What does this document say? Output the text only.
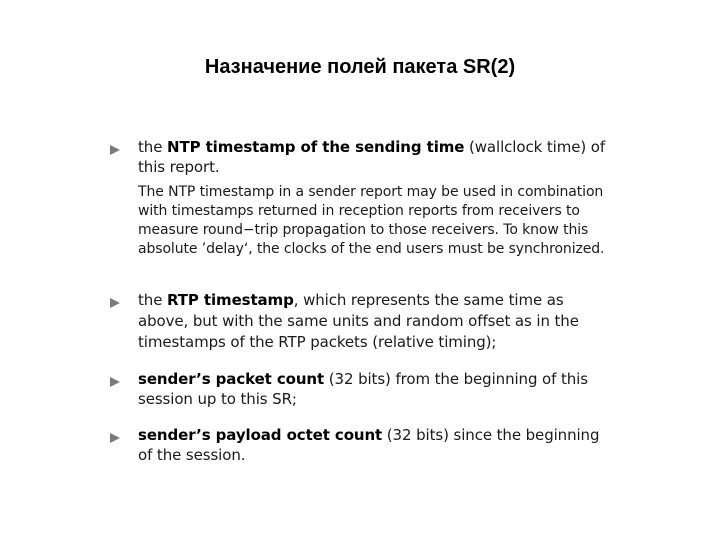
Назначение полей пакета SR(2)
the NTP timestamp of the sending time (wallclock time) of this report.
The NTP timestamp in a sender report may be used in combination with timestamps returned in reception reports from receivers to measure round−trip propagation to those receivers. To know this absolute ’delay‘, the clocks of the end users must be synchronized.
the RTP timestamp, which represents the same time as above, but with the same units and random offset as in the timestamps of the RTP packets (relative timing);
sender’s packet count (32 bits) from the beginning of this session up to this SR;
sender’s payload octet count (32 bits) since the beginning of the session.
